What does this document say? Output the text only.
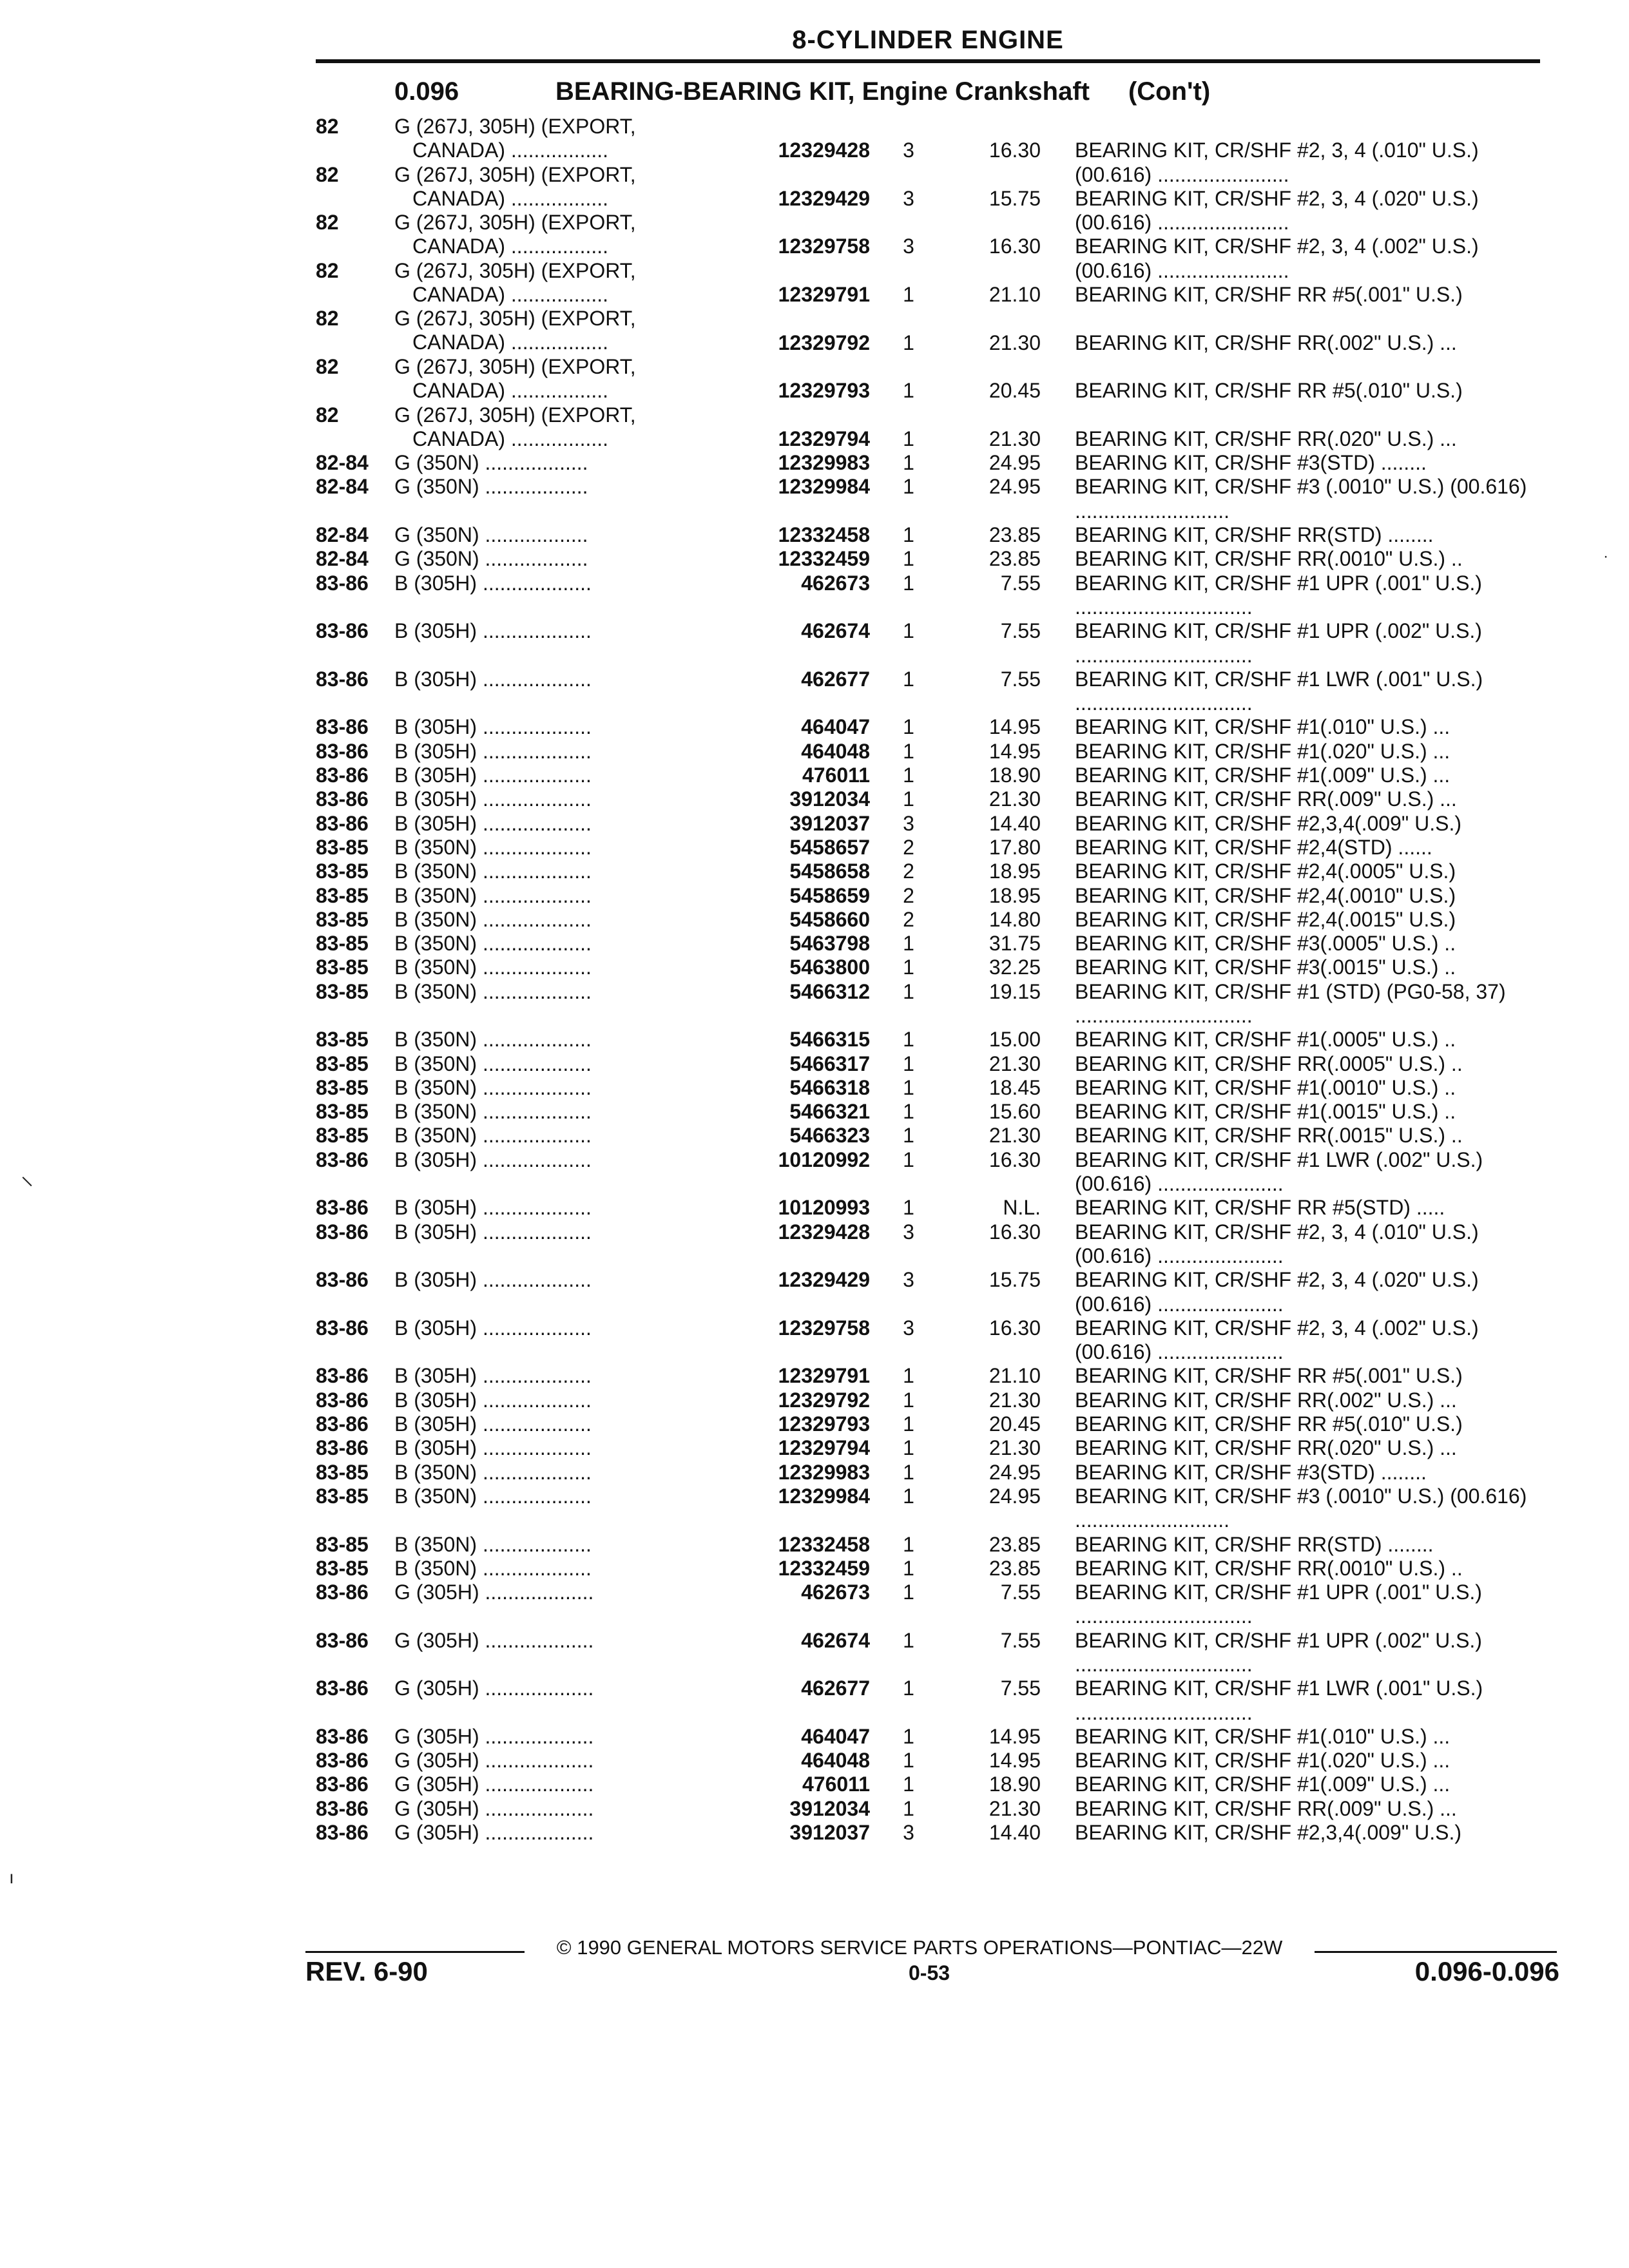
8-CYLINDER ENGINE
0.096	BEARING-BEARING KIT, Engine Crankshaft (Con't)
82	G (267J, 305H) (EXPORT,
CANADA) .................	12329428	3	16.30 BEARING KIT, CR/SHF #2, 3, 4 (.010" U.S.) (00.616) .......................
82	G (267J, 305H) (EXPORT,
CANADA) .................	12329429	3	15.75 BEARING KIT, CR/SHF #2, 3, 4 (.020" U.S.) (00.616) .......................
82	G (267J, 305H) (EXPORT,
CANADA) .................	12329758	3	16.30 BEARING KIT, CR/SHF #2, 3, 4 (.002" U.S.) (00.616) .......................
82	G (267J, 305H) (EXPORT,
CANADA) .................	12329791	1	21.10 BEARING KIT, CR/SHF RR #5(.001" U.S.)
82	G (267J, 305H) (EXPORT,
CANADA) .................	12329792	1	21.30 BEARING KIT, CR/SHF RR(.002" U.S.) ...
82	G (267J, 305H) (EXPORT,
CANADA) .................	12329793	1	20.45 BEARING KIT, CR/SHF RR #5(.010" U.S.)
82	G (267J, 305H) (EXPORT,
CANADA) .................	12329794	1	21.30 BEARING KIT, CR/SHF RR(.020" U.S.) ...
82-84 G (350N) ..................	12329983	1	24.95 BEARING KIT, CR/SHF #3(STD) ........
82-84 G (350N) ..................	12329984	1	24.95 BEARING KIT, CR/SHF #3 (.0010" U.S.) (00.616) ...........................
82-84 G (350N) ..................	12332458	1	23.85 BEARING KIT, CR/SHF RR(STD) ........
82-84 G (350N) ..................	12332459	1	23.85 BEARING KIT, CR/SHF RR(.0010" U.S.) ..
83-86 B (305H) ...................	462673	1	7.55 BEARING KIT, CR/SHF #1 UPR (.001" U.S.) ...............................
83-86 B (305H) ...................	462674	1	7.55 BEARING KIT, CR/SHF #1 UPR (.002" U.S.) ...............................
83-86 B (305H) ...................	462677	1	7.55 BEARING KIT, CR/SHF #1 LWR (.001" U.S.) ...............................
83-86 B (305H) ...................	464047	1	14.95 BEARING KIT, CR/SHF #1(.010" U.S.) ...
83-86 B (305H) ...................	464048	1	14.95 BEARING KIT, CR/SHF #1(.020" U.S.) ...
83-86 B (305H) ...................	476011	1	18.90 BEARING KIT, CR/SHF #1(.009" U.S.) ...
83-86 B (305H) ...................	3912034	1	21.30 BEARING KIT, CR/SHF RR(.009" U.S.) ...
83-86 B (305H) ...................	3912037	3	14.40 BEARING KIT, CR/SHF #2,3,4(.009" U.S.)
83-85 B (350N) ...................	5458657	2	17.80 BEARING KIT, CR/SHF #2,4(STD) ......
83-85 B (350N) ...................	5458658	2	18.95 BEARING KIT, CR/SHF #2,4(.0005" U.S.)
83-85 B (350N) ...................	5458659	2	18.95 BEARING KIT, CR/SHF #2,4(.0010" U.S.)
83-85 B (350N) ...................	5458660	2	14.80 BEARING KIT, CR/SHF #2,4(.0015" U.S.)
83-85 B (350N) ...................	5463798	1	31.75 BEARING KIT, CR/SHF #3(.0005" U.S.) ..
83-85 B (350N) ...................	5463800	1	32.25 BEARING KIT, CR/SHF #3(.0015" U.S.) ..
83-85 B (350N) ...................	5466312	1	19.15 BEARING KIT, CR/SHF #1 (STD) (PG0-58, 37) ...............................
83-85 B (350N) ...................	5466315	1	15.00 BEARING KIT, CR/SHF #1(.0005" U.S.) ..
83-85 B (350N) ...................	5466317	1	21.30 BEARING KIT, CR/SHF RR(.0005" U.S.) ..
83-85 B (350N) ...................	5466318	1	18.45 BEARING KIT, CR/SHF #1(.0010" U.S.) ..
83-85 B (350N) ...................	5466321	1	15.60 BEARING KIT, CR/SHF #1(.0015" U.S.) ..
83-85 B (350N) ...................	5466323	1	21.30 BEARING KIT, CR/SHF RR(.0015" U.S.) ..
83-86 B (305H) ...................	10120992	1	16.30 BEARING KIT, CR/SHF #1 LWR (.002" U.S.) (00.616) ......................
83-86 B (305H) ...................	10120993	1	N.L. BEARING KIT, CR/SHF RR #5(STD) .....
83-86 B (305H) ...................	12329428	3	16.30 BEARING KIT, CR/SHF #2, 3, 4 (.010" U.S.) (00.616) ......................
83-86 B (305H) ...................	12329429	3	15.75 BEARING KIT, CR/SHF #2, 3, 4 (.020" U.S.) (00.616) ......................
83-86 B (305H) ...................	12329758	3	16.30 BEARING KIT, CR/SHF #2, 3, 4 (.002" U.S.) (00.616) ......................
83-86 B (305H) ...................	12329791	1	21.10 BEARING KIT, CR/SHF RR #5(.001" U.S.)
83-86 B (305H) ...................	12329792	1	21.30 BEARING KIT, CR/SHF RR(.002" U.S.) ...
83-86 B (305H) ...................	12329793	1	20.45 BEARING KIT, CR/SHF RR #5(.010" U.S.)
83-86 B (305H) ...................	12329794	1	21.30 BEARING KIT, CR/SHF RR(.020" U.S.) ...
83-85 B (350N) ...................	12329983	1	24.95 BEARING KIT, CR/SHF #3(STD) ........
83-85 B (350N) ...................	12329984	1	24.95 BEARING KIT, CR/SHF #3 (.0010" U.S.) (00.616) ...........................
83-85 B (350N) ...................	12332458	1	23.85 BEARING KIT, CR/SHF RR(STD) ........
83-85 B (350N) ...................	12332459	1	23.85 BEARING KIT, CR/SHF RR(.0010" U.S.) ..
83-86 G (305H) ...................	462673	1	7.55 BEARING KIT, CR/SHF #1 UPR (.001" U.S.) ...............................
83-86 G (305H) ...................	462674	1	7.55 BEARING KIT, CR/SHF #1 UPR (.002" U.S.) ...............................
83-86 G (305H) ...................	462677	1	7.55 BEARING KIT, CR/SHF #1 LWR (.001" U.S.) ...............................
83-86 G (305H) ...................	464047	1	14.95 BEARING KIT, CR/SHF #1(.010" U.S.) ...
83-86 G (305H) ...................	464048	1	14.95 BEARING KIT, CR/SHF #1(.020" U.S.) ...
83-86 G (305H) ...................	476011	1	18.90 BEARING KIT, CR/SHF #1(.009" U.S.) ...
83-86 G (305H) ...................	3912034	1	21.30 BEARING KIT, CR/SHF RR(.009" U.S.) ...
83-86 G (305H) ...................	3912037	3	14.40 BEARING KIT, CR/SHF #2,3,4(.009" U.S.)
© 1990 GENERAL MOTORS SERVICE PARTS OPERATIONS—PONTIAC—22W
REV. 6-90	0-53	0.096-0.096
·
⸜
ı
